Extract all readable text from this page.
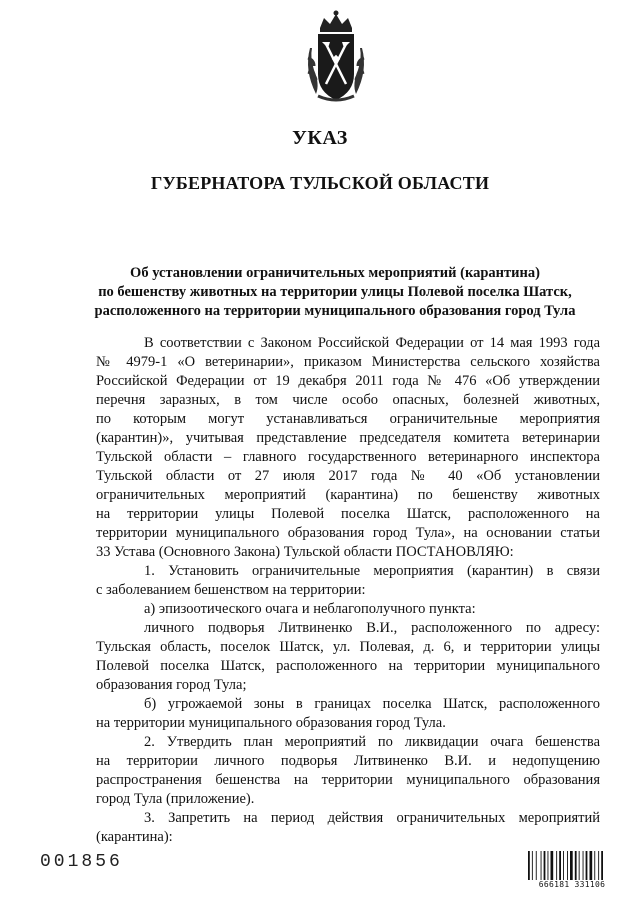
УКАЗ
ГУБЕРНАТОРА ТУЛЬСКОЙ ОБЛАСТИ
Об установлении ограничительных мероприятий (карантина)
по бешенству животных на территории улицы Полевой поселка Шатск,
расположенного на территории муниципального образования город Тула
В соответствии с Законом Российской Федерации от 14 мая 1993 года
№ 4979-1 «О ветеринарии», приказом Министерства сельского хозяйства
Российской Федерации от 19 декабря 2011 года № 476 «Об утверждении
перечня заразных, в том числе особо опасных, болезней животных,
по которым могут устанавливаться ограничительные мероприятия
(карантин)», учитывая представление председателя комитета ветеринарии
Тульской области – главного государственного ветеринарного инспектора
Тульской области от 27 июля 2017 года № 40 «Об установлении
ограничительных мероприятий (карантина) по бешенству животных
на территории улицы Полевой поселка Шатск, расположенного на
территории муниципального образования город Тула», на основании статьи
33 Устава (Основного Закона) Тульской области ПОСТАНОВЛЯЮ:
1. Установить ограничительные мероприятия (карантин) в связи
с заболеванием бешенством на территории:
а) эпизоотического очага и неблагополучного пункта:
личного подворья Литвиненко В.И., расположенного по адресу:
Тульская область, поселок Шатск, ул. Полевая, д. 6, и территории улицы
Полевой поселка Шатск, расположенного на территории муниципального
образования город Тула;
б) угрожаемой зоны в границах поселка Шатск, расположенного
на территории муниципального образования город Тула.
2. Утвердить план мероприятий по ликвидации очага бешенства
на территории личного подворья Литвиненко В.И. и недопущению
распространения бешенства на территории муниципального образования
город Тула (приложение).
3. Запретить на период действия ограничительных мероприятий
(карантина):
001856
666181 331106
